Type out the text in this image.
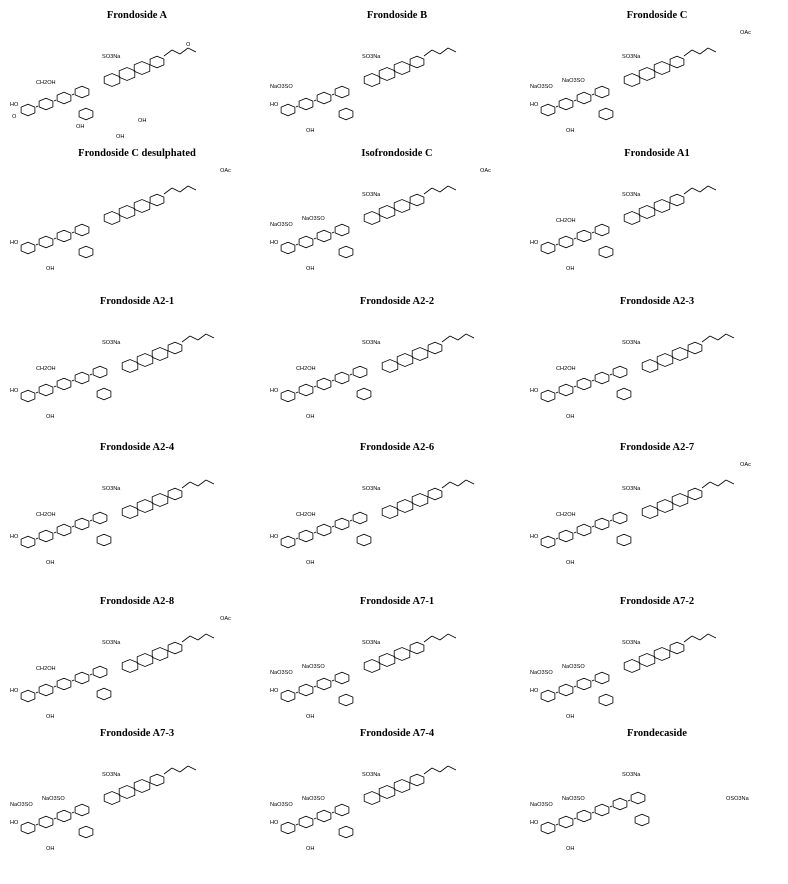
Frondoside A
SO3Na
CH2OH
HO
OH
OH
OH
O
O
Frondoside B
SO3Na
NaO3SO
HO
OH
Frondoside C
SO3Na
NaO3SO
NaO3SO
OAc
HO
OH
Frondoside C desulphated
OAc
HO
OH
Isofrondoside C
SO3Na
NaO3SO
NaO3SO
OAc
HO
OH
Frondoside A1
SO3Na
CH2OH
HO
OH
Frondoside A2-1
SO3Na
CH2OH
HO
OH
Frondoside A2-2
SO3Na
CH2OH
HO
OH
Frondoside A2-3
SO3Na
CH2OH
HO
OH
Frondoside A2-4
SO3Na
CH2OH
HO
OH
Frondoside A2-6
SO3Na
CH2OH
HO
OH
Frondoside A2-7
SO3Na
CH2OH
OAc
HO
OH
Frondoside A2-8
SO3Na
CH2OH
OAc
HO
OH
Frondoside A7-1
SO3Na
NaO3SO
NaO3SO
HO
OH
Frondoside A7-2
SO3Na
NaO3SO
NaO3SO
HO
OH
Frondoside A7-3
SO3Na
NaO3SO
NaO3SO
HO
OH
Frondoside A7-4
SO3Na
NaO3SO
NaO3SO
HO
OH
Frondecaside
SO3Na
NaO3SO
NaO3SO	OSO3Na
HO
OH
